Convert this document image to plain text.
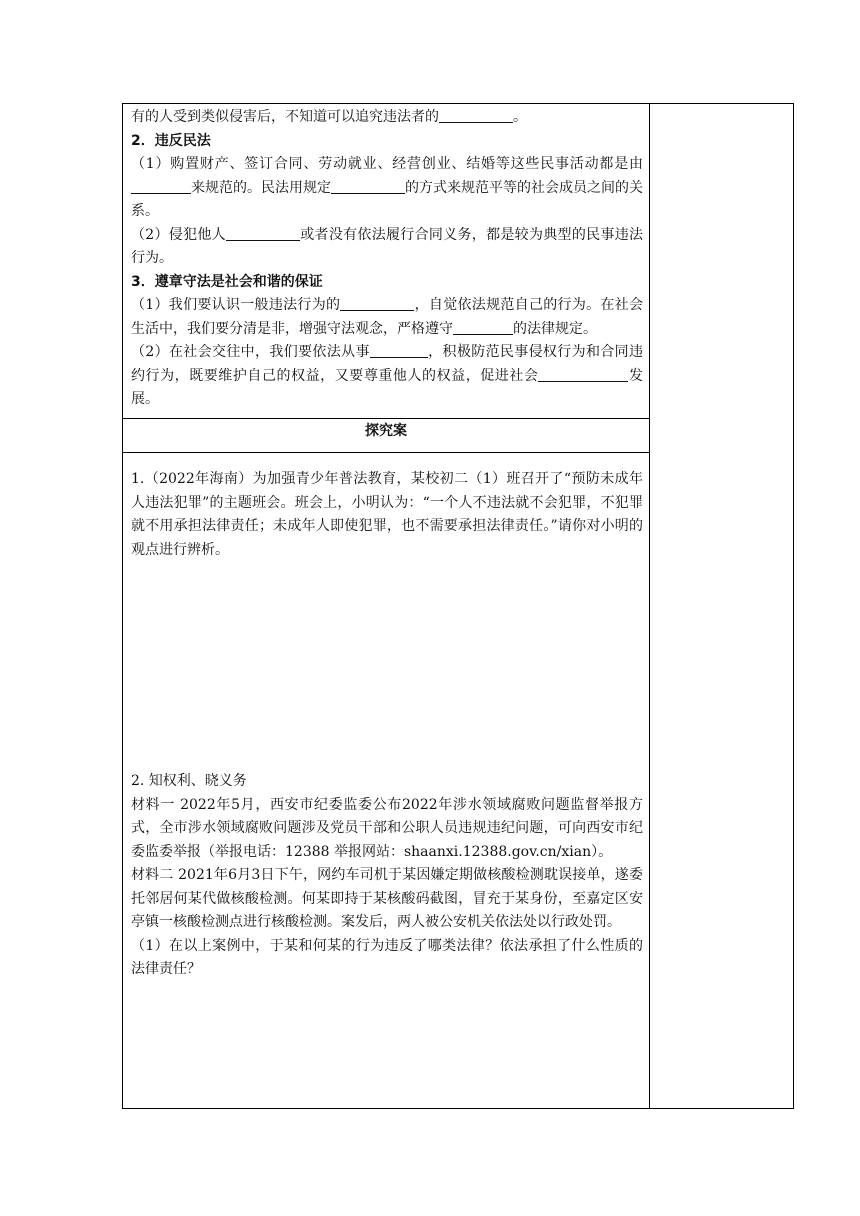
有的人受到类似侵害后，不知道可以追究违法者的	。

2．违反民法

（1）购置财产、签订合同、劳动就业、经营创业、结婚等这些民事活动都是由来规范的。民法用规定	的方式来规范平等的社会成员之间的关系。

（2）侵犯他人	或者没有依法履行合同义务，都是较为典型的民事违法行为。

3．遵章守法是社会和谐的保证

（1）我们要认识一般违法行为的	，自觉依法规范自己的行为。在社会生活中，我们要分清是非，增强守法观念，严格遵守	的法律规定。

（2）在社会交往中，我们要依法从事	，积极防范民事侵权行为和合同违约行为，既要维护自己的权益，又要尊重他人的权益，促进社会	发展。

探究案

1.（2022年海南）为加强青少年普法教育，某校初二（1）班召开了“预防未成年人违法犯罪”的主题班会。班会上，小明认为：“一个人不违法就不会犯罪，不犯罪就不用承担法律责任；未成年人即使犯罪，也不需要承担法律责任。”请你对小明的观点进行辨析。

2. 知权利、晓义务

材料一 2022年5月，西安市纪委监委公布2022年涉水领域腐败问题监督举报方式，全市涉水领域腐败问题涉及党员干部和公职人员违规违纪问题，可向西安市纪委监委举报（举报电话：12388 举报网站：shaanxi.12388.gov.cn/xian）。

材料二 2021年6月3日下午，网约车司机于某因嫌定期做核酸检测耽误接单，遂委托邻居何某代做核酸检测。何某即持于某核酸码截图，冒充于某身份，至嘉定区安亭镇一核酸检测点进行核酸检测。案发后，两人被公安机关依法处以行政处罚。

（1）在以上案例中，于某和何某的行为违反了哪类法律？依法承担了什么性质的法律责任？
